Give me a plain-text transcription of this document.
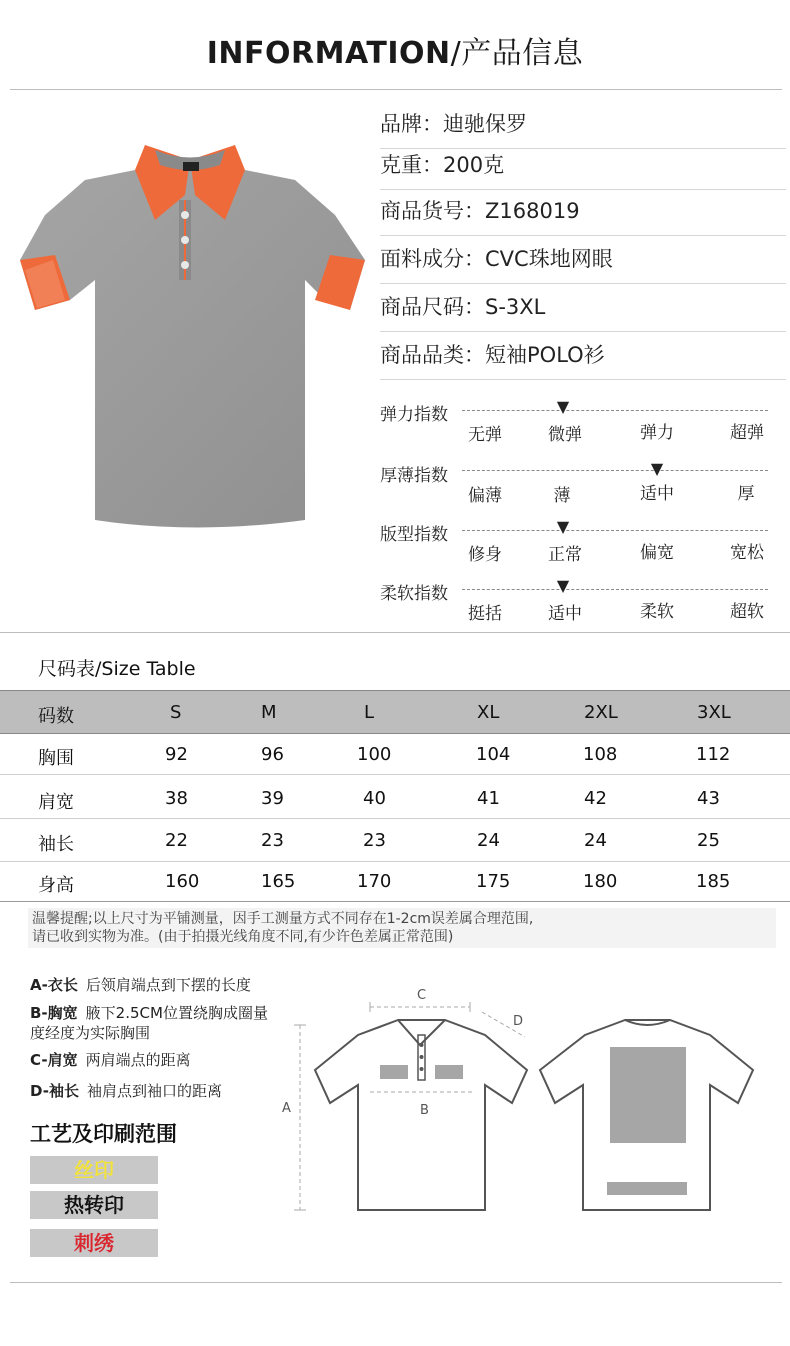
INFORMATION/产品信息
品牌：迪驰保罗
克重：200克
商品货号：Z168019
面料成分：CVC珠地网眼
商品尺码：S-3XL
商品品类：短袖POLO衫
弹力指数	▼
无弹	微弹	弹力	超弹
厚薄指数	▼
偏薄	薄	适中	厚
版型指数	▼
修身	正常	偏宽	宽松
柔软指数	▼
挺括	适中	柔软	超软
尺码表/Size Table
码数	S	M	L	XL	2XL	3XL
胸围	92	96	100	104	108	112
肩宽	38	39	40	41	42	43
袖长	22	23	23	24	24	25
身高	160	165	170	175	180	185
温馨提醒;以上尺寸为平铺测量，因手工测量方式不同存在1-2cm误差属合理范围,
请已收到实物为准。(由于拍摄光线角度不同,有少许色差属正常范围)
A-衣长 后领肩端点到下摆的长度
B-胸宽 腋下2.5CM位置绕胸成圈量度经度为实际胸围
C-肩宽 两肩端点的距离
D-袖长 袖肩点到袖口的距离
工艺及印刷范围
丝印
热转印
刺绣
A
C
D
B
